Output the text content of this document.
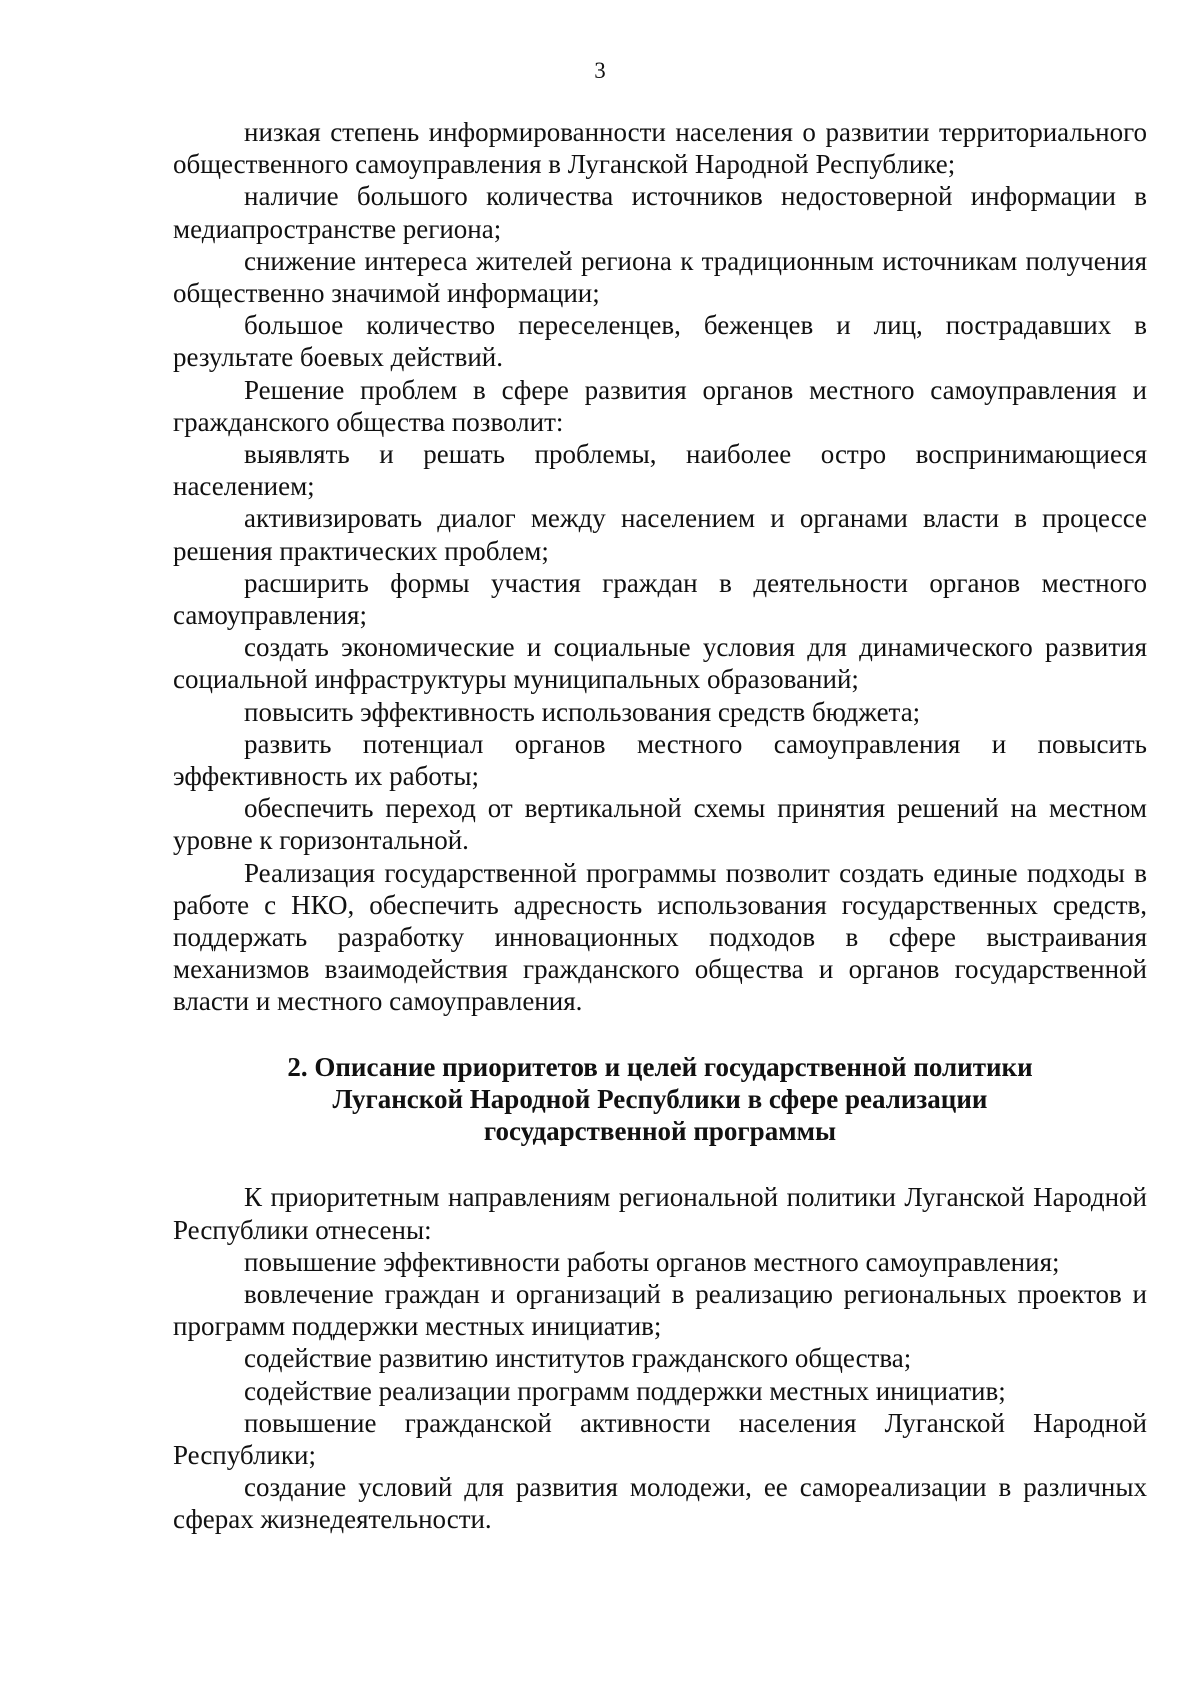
3

низкая степень информированности населения о развитии территориального общественного самоуправления в Луганской Народной Республике;

наличие большого количества источников недостоверной информации в медиапространстве региона;

снижение интереса жителей региона к традиционным источникам получения общественно значимой информации;

большое количество переселенцев, беженцев и лиц, пострадавших в результате боевых действий.

Решение проблем в сфере развития органов местного самоуправления и гражданского общества позволит:

выявлять и решать проблемы, наиболее остро воспринимающиеся населением;

активизировать диалог между населением и органами власти в процессе решения практических проблем;

расширить формы участия граждан в деятельности органов местного самоуправления;

создать экономические и социальные условия для динамического развития социальной инфраструктуры муниципальных образований;

повысить эффективность использования средств бюджета;

развить потенциал органов местного самоуправления и повысить эффективность их работы;

обеспечить переход от вертикальной схемы принятия решений на местном уровне к горизонтальной.

Реализация государственной программы позволит создать единые подходы в работе с НКО, обеспечить адресность использования государственных средств, поддержать разработку инновационных подходов в сфере выстраивания механизмов взаимодействия гражданского общества и органов государственной власти и местного самоуправления.

2. Описание приоритетов и целей государственной политики

Луганской Народной Республики в сфере реализации

государственной программы

К приоритетным направлениям региональной политики Луганской Народной Республики отнесены:

повышение эффективности работы органов местного самоуправления;

вовлечение граждан и организаций в реализацию региональных проектов и программ поддержки местных инициатив;

содействие развитию институтов гражданского общества;

содействие реализации программ поддержки местных инициатив;

повышение гражданской активности населения Луганской Народной Республики;

создание условий для развития молодежи, ее самореализации в различных сферах жизнедеятельности.
